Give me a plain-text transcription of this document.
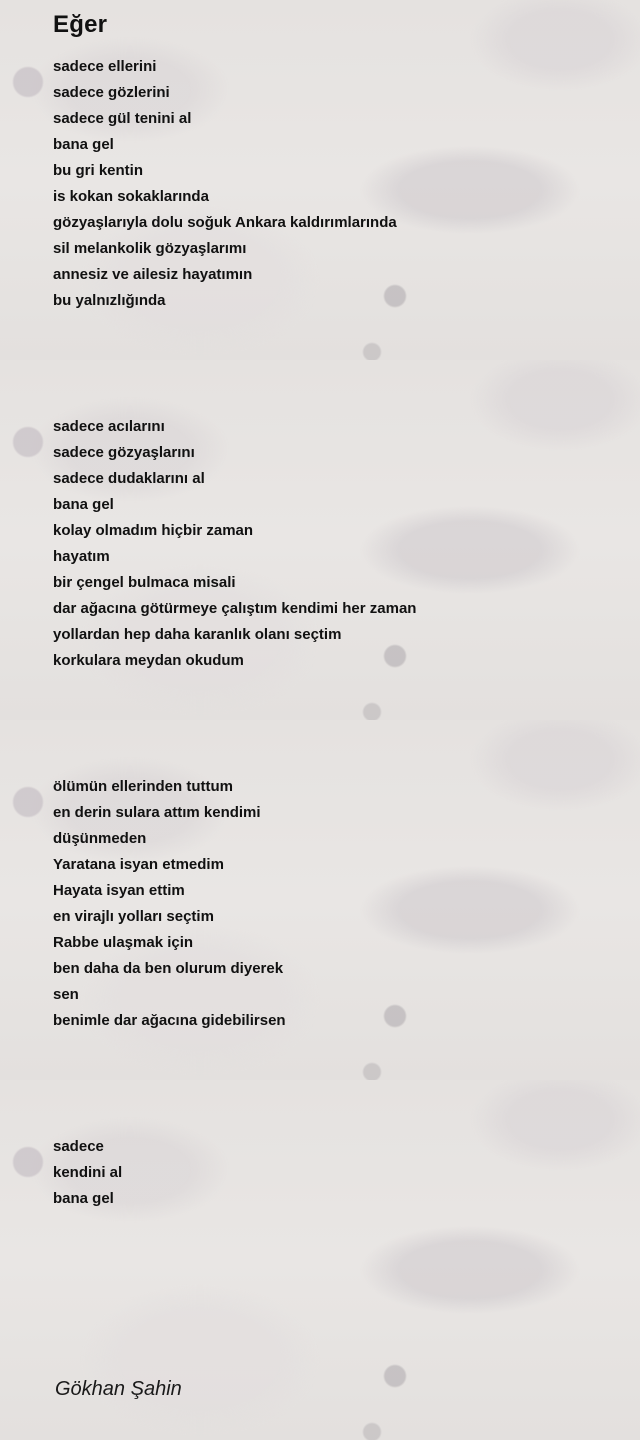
Eğer
sadece ellerini
sadece gözlerini
sadece gül tenini al
bana gel
bu gri kentin
is kokan sokaklarında
gözyaşlarıyla dolu soğuk Ankara kaldırımlarında
sil melankolik gözyaşlarımı
annesiz ve ailesiz hayatımın
bu yalnızlığında
sadece acılarını
sadece gözyaşlarını
sadece dudaklarını al
bana gel
kolay olmadım hiçbir zaman
hayatım
bir çengel bulmaca misali
dar ağacına götürmeye çalıştım kendimi her zaman
yollardan hep daha karanlık olanı seçtim
korkulara meydan okudum
ölümün ellerinden tuttum
en derin sulara attım kendimi
düşünmeden
Yaratana isyan etmedim
Hayata isyan ettim
en virajlı yolları seçtim
Rabbe ulaşmak için
ben daha da ben olurum diyerek
sen
benimle dar ağacına gidebilirsen
sadece
kendini al
bana gel
Gökhan Şahin
